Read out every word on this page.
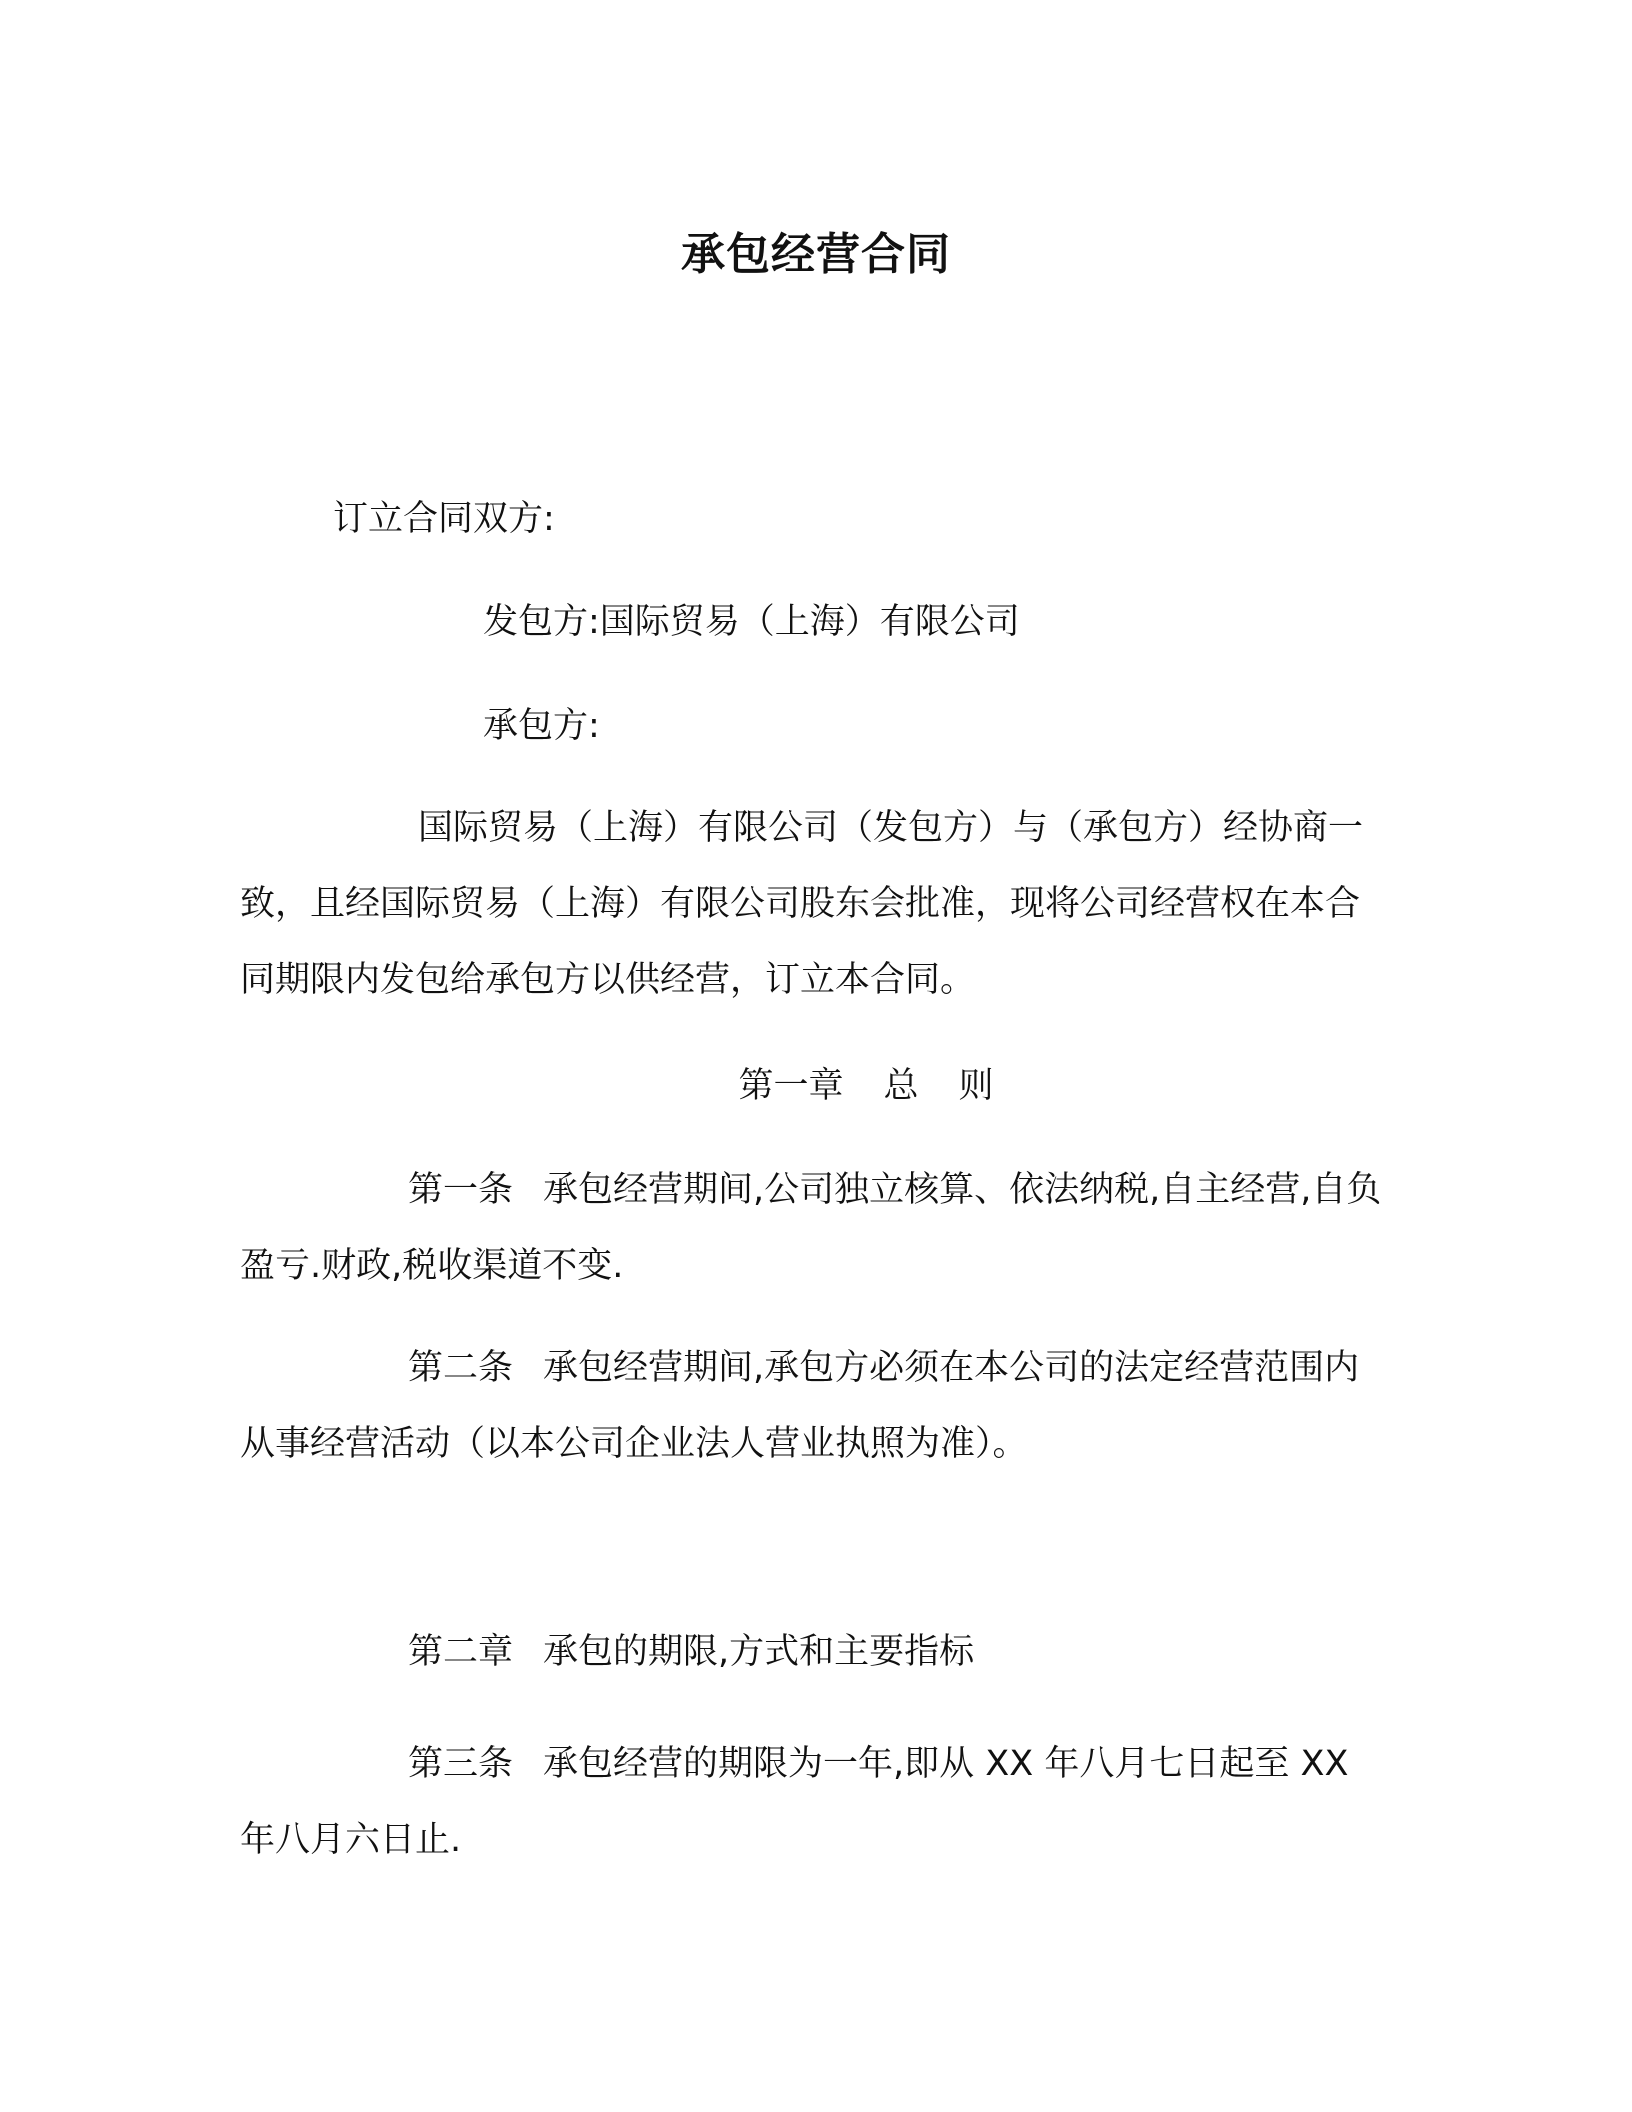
承包经营合同
订立合同双方:
发包方:国际贸易（上海）有限公司
承包方:
国际贸易（上海）有限公司（发包方）与（承包方）经协商一致，且经国际贸易（上海）有限公司股东会批准，现将公司经营权在本合同期限内发包给承包方以供经营，订立本合同。
第一章 总 则
第一条 承包经营期间,公司独立核算、依法纳税,自主经营,自负盈亏.财政,税收渠道不变.
第二条 承包经营期间,承包方必须在本公司的法定经营范围内从事经营活动（以本公司企业法人营业执照为准）。
第二章 承包的期限,方式和主要指标
第三条 承包经营的期限为一年,即从 XX 年八月七日起至 XX 年八月六日止.
